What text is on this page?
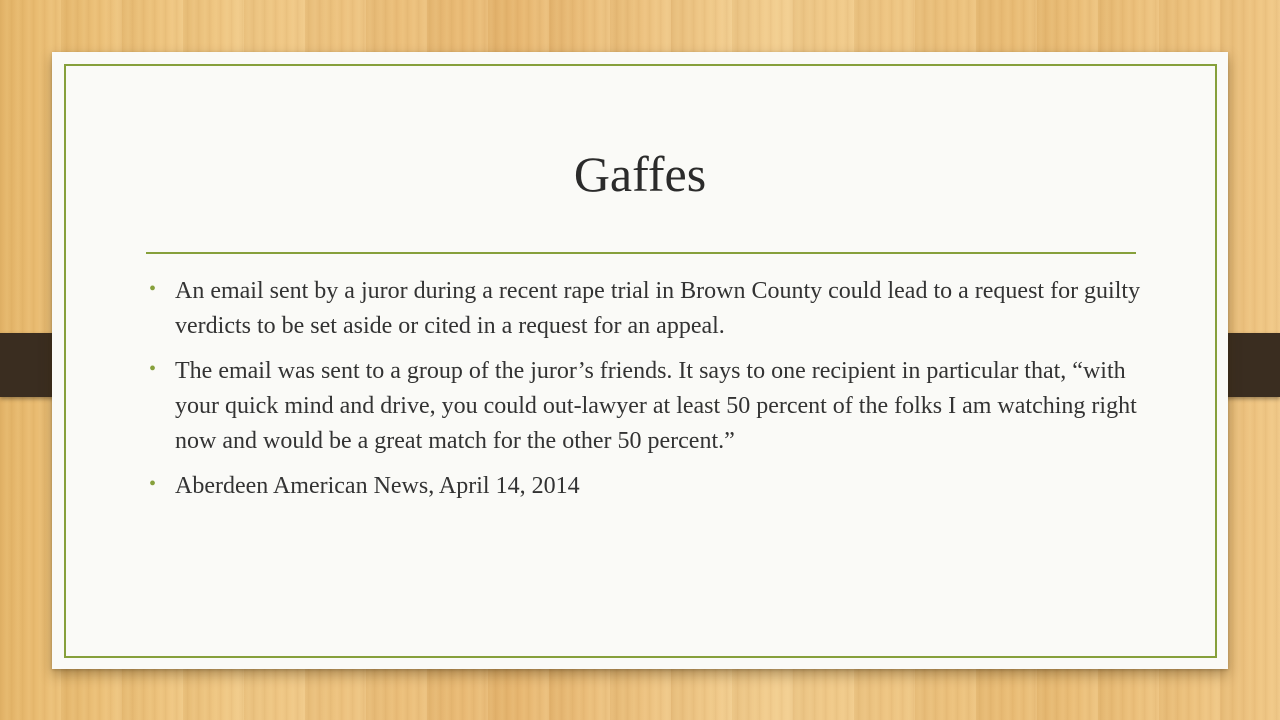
Gaffes
• An email sent by a juror during a recent rape trial in Brown County could lead to a request for guilty verdicts to be set aside or cited in a request for an appeal.
• The email was sent to a group of the juror’s friends. It says to one recipient in particular that, “with your quick mind and drive, you could out-lawyer at least 50 percent of the folks I am watching right now and would be a great match for the other 50 percent.”
• Aberdeen American News, April 14, 2014
